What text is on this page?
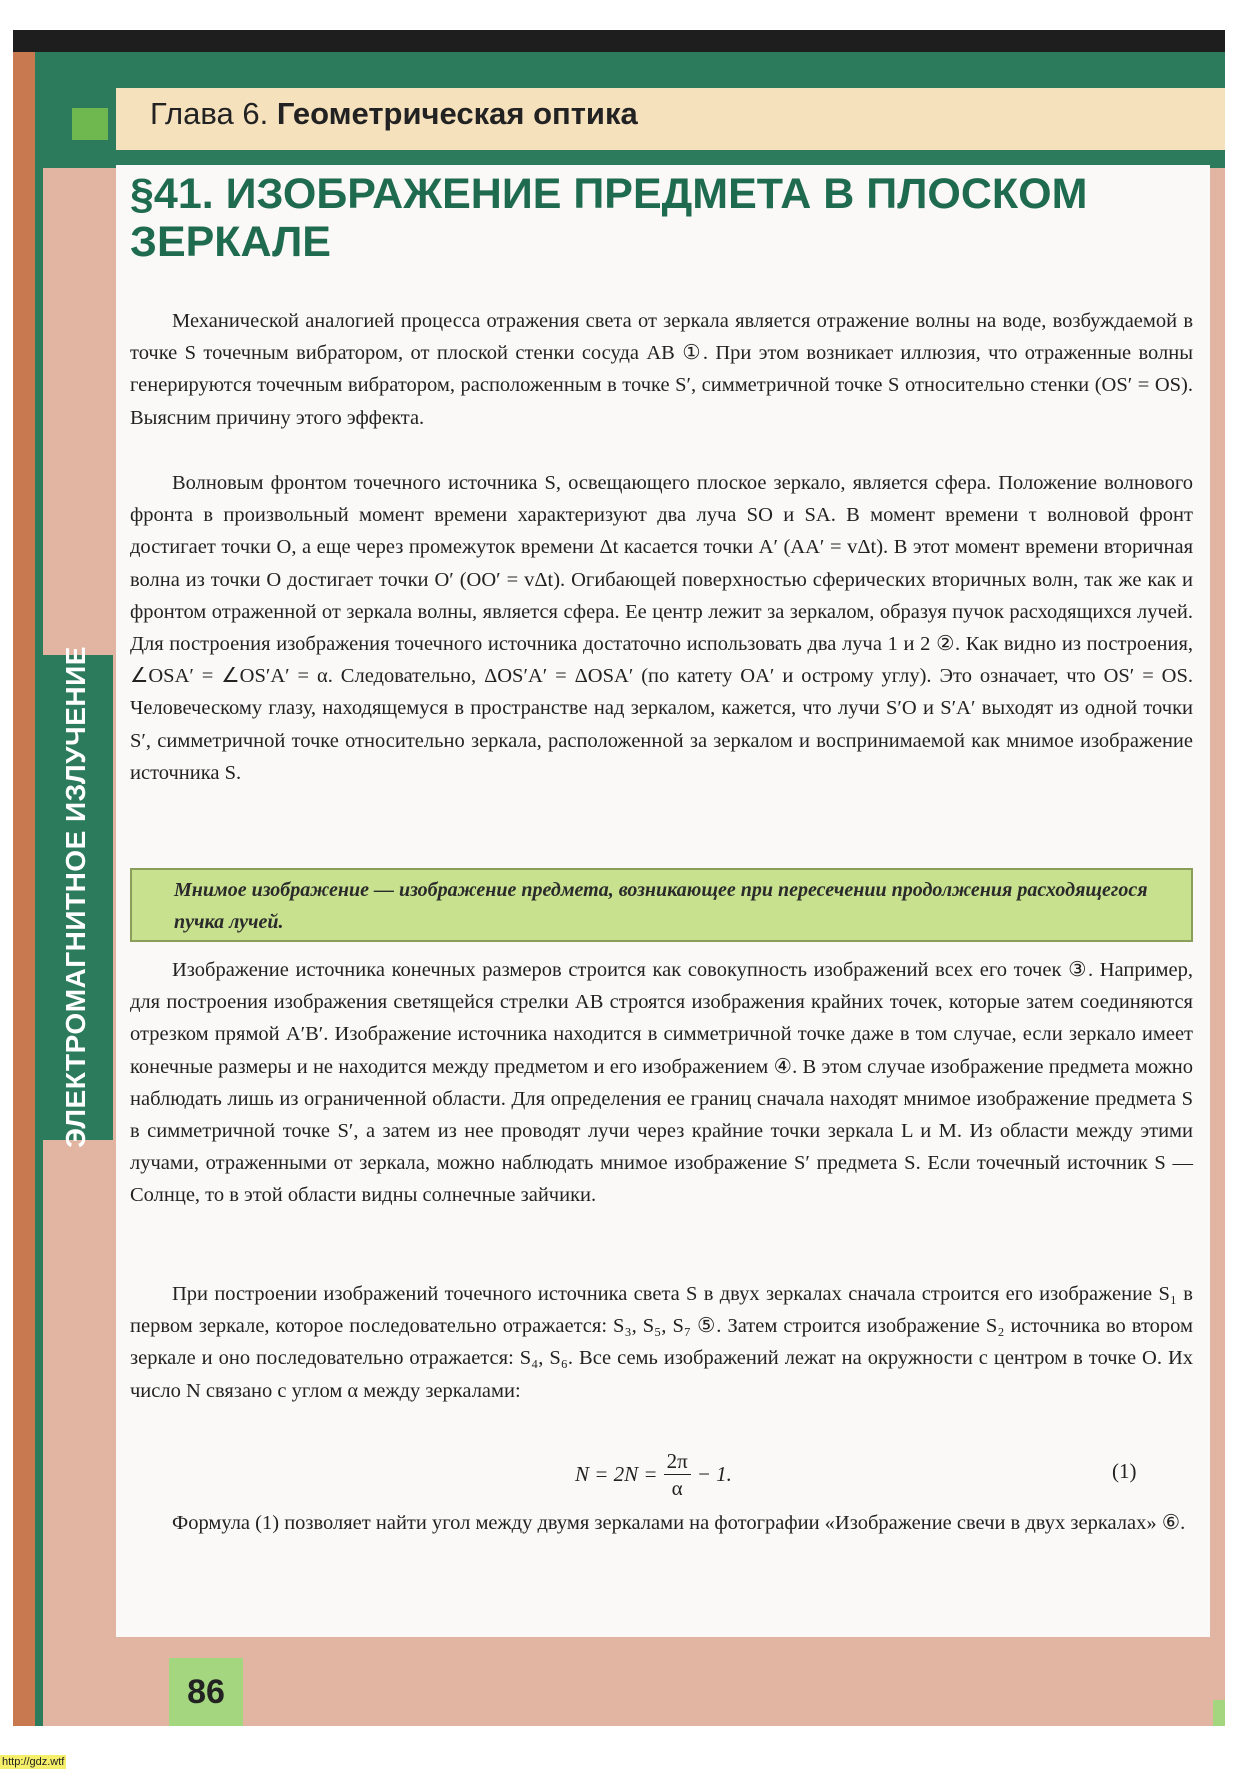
Глава 6. Геометрическая оптика
§41. ИЗОБРАЖЕНИЕ ПРЕДМЕТА В ПЛОСКОМ ЗЕРКАЛЕ
ЭЛЕКТРОМАГНИТНОЕ ИЗЛУЧЕНИЕ
Механической аналогией процесса отражения света от зеркала является отражение волны на воде, возбуждаемой в точке S точечным вибратором, от плоской стенки сосуда AB ①. При этом возникает иллюзия, что отраженные волны генерируются точечным вибратором, расположенным в точке S′, симметричной точке S относительно стенки (OS′ = OS). Выясним причину этого эффекта.
Волновым фронтом точечного источника S, освещающего плоское зеркало, является сфера. Положение волнового фронта в произвольный момент времени характеризуют два луча SO и SA. В момент времени τ волновой фронт достигает точки O, а еще через промежуток времени Δt касается точки A′ (AA′ = vΔt). В этот момент времени вторичная волна из точки O достигает точки O′ (OO′ = vΔt). Огибающей поверхностью сферических вторичных волн, так же как и фронтом отраженной от зеркала волны, является сфера. Ее центр лежит за зеркалом, образуя пучок расходящихся лучей. Для построения изображения точечного источника достаточно использовать два луча 1 и 2 ②. Как видно из построения, ∠OSA′ = ∠OS′A′ = α. Следовательно, ΔOS′A′ = ΔOSA′ (по катету OA′ и острому углу). Это означает, что OS′ = OS. Человеческому глазу, находящемуся в пространстве над зеркалом, кажется, что лучи S′O и S′A′ выходят из одной точки S′, симметричной точке относительно зеркала, расположенной за зеркалом и воспринимаемой как мнимое изображение источника S.
Мнимое изображение — изображение предмета, возникающее при пересечении продолжения расходящегося пучка лучей.
Изображение источника конечных размеров строится как совокупность изображений всех его точек ③. Например, для построения изображения светящейся стрелки AB строятся изображения крайних точек, которые затем соединяются отрезком прямой A′B′. Изображение источника находится в симметричной точке даже в том случае, если зеркало имеет конечные размеры и не находится между предметом и его изображением ④. В этом случае изображение предмета можно наблюдать лишь из ограниченной области. Для определения ее границ сначала находят мнимое изображение предмета S в симметричной точке S′, а затем из нее проводят лучи через крайние точки зеркала L и M. Из области между этими лучами, отраженными от зеркала, можно наблюдать мнимое изображение S′ предмета S. Если точечный источник S — Солнце, то в этой области видны солнечные зайчики.
При построении изображений точечного источника света S в двух зеркалах сначала строится его изображение S₁ в первом зеркале, которое последовательно отражается: S₃, S₅, S₇ ⑤. Затем строится изображение S₂ источника во втором зеркале и оно последовательно отражается: S₄, S₆. Все семь изображений лежат на окружности с центром в точке O. Их число N связано с углом α между зеркалами:
$N = 2N = \frac{2\pi}{\alpha} - 1$.	(1)
Формула (1) позволяет найти угол между двумя зеркалами на фотографии «Изображение свечи в двух зеркалах» ⑥.
86
http://gdz.wtf
